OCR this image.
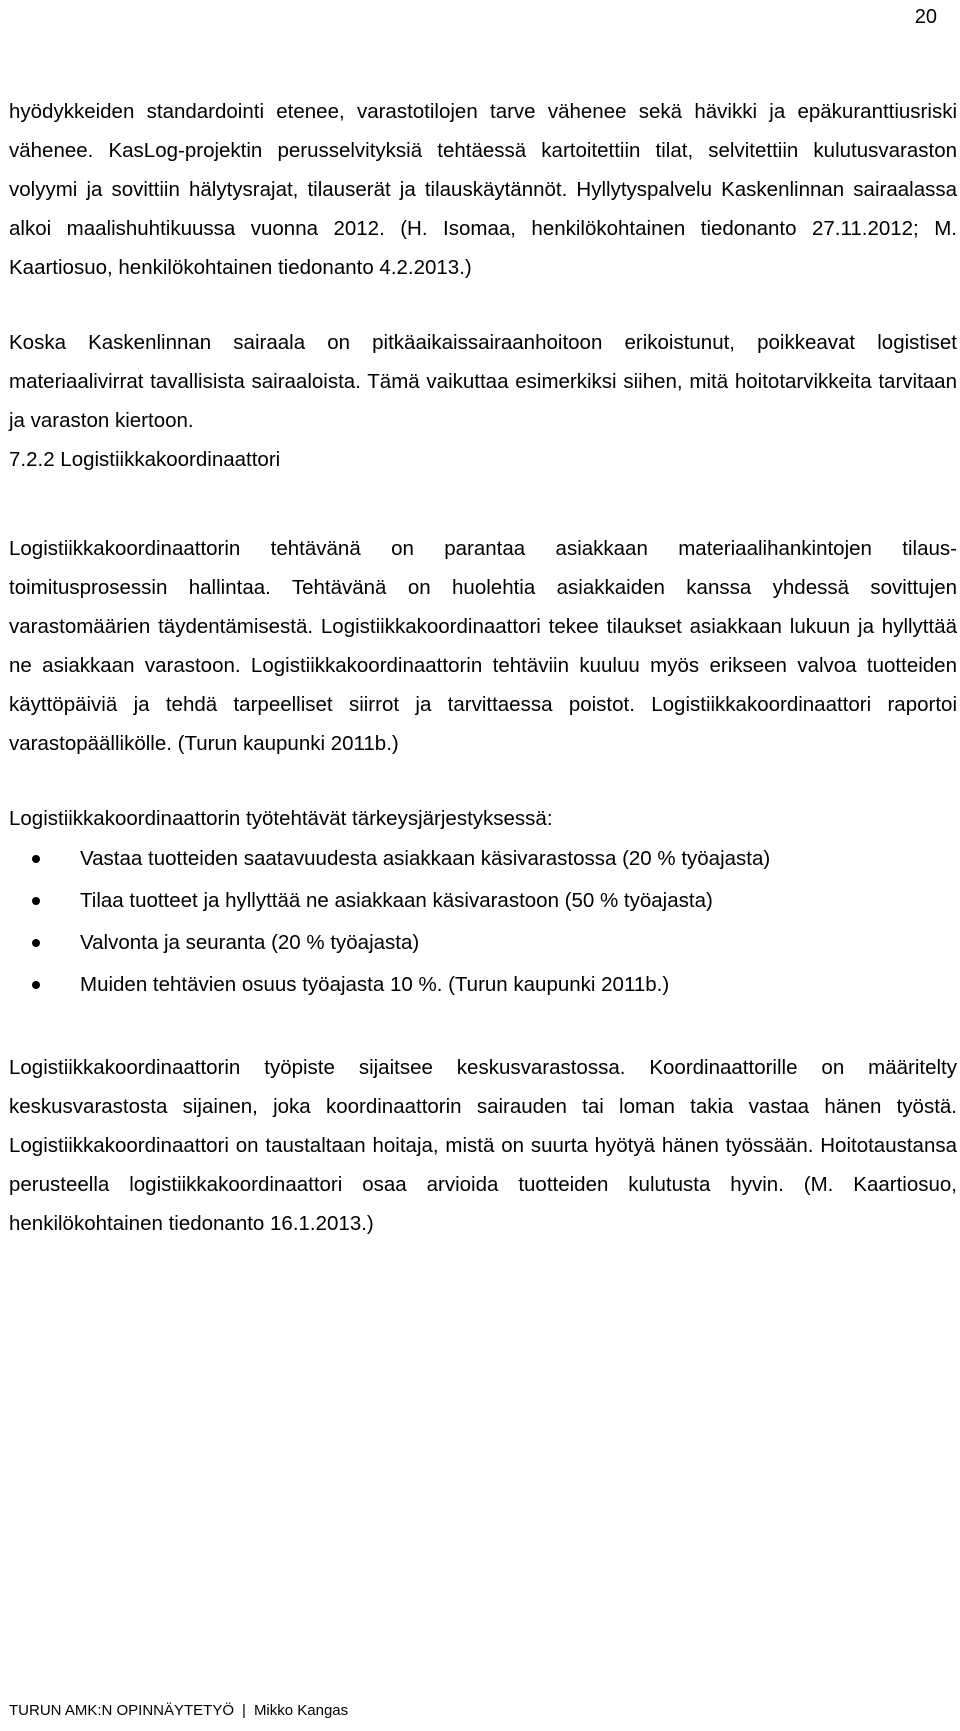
20

hyödykkeiden standardointi etenee, varastotilojen tarve vähenee sekä hävikki ja epäkuranttiusriski vähenee. KasLog-projektin perusselvityksiä tehtäessä kartoitettiin tilat, selvitettiin kulutusvaraston volyymi ja sovittiin hälytysrajat, tilauserät ja tilauskäytännöt. Hyllytyspalvelu Kaskenlinnan sairaalassa alkoi maalishuhtikuussa vuonna 2012. (H. Isomaa, henkilökohtainen tiedonanto 27.11.2012; M. Kaartiosuo, henkilökohtainen tiedonanto 4.2.2013.)

Koska Kaskenlinnan sairaala on pitkäaikaissairaanhoitoon erikoistunut, poikkeavat logistiset materiaalivirrat tavallisista sairaaloista. Tämä vaikuttaa esimerkiksi siihen, mitä hoitotarvikkeita tarvitaan ja varaston kiertoon.

7.2.2 Logistiikkakoordinaattori

Logistiikkakoordinaattorin tehtävänä on parantaa asiakkaan materiaalihankintojen tilaus-toimitusprosessin hallintaa. Tehtävänä on huolehtia asiakkaiden kanssa yhdessä sovittujen varastomäärien täydentämisestä. Logistiikkakoordinaattori tekee tilaukset asiakkaan lukuun ja hyllyttää ne asiakkaan varastoon. Logistiikkakoordinaattorin tehtäviin kuuluu myös erikseen valvoa tuotteiden käyttöpäiviä ja tehdä tarpeelliset siirrot ja tarvittaessa poistot. Logistiikkakoordinaattori raportoi varastopäällikölle. (Turun kaupunki 2011b.)

Logistiikkakoordinaattorin työtehtävät tärkeysjärjestyksessä:

Vastaa tuotteiden saatavuudesta asiakkaan käsivarastossa (20 % työajasta)
Tilaa tuotteet ja hyllyttää ne asiakkaan käsivarastoon (50 % työajasta)
Valvonta ja seuranta (20 % työajasta)
Muiden tehtävien osuus työajasta 10 %. (Turun kaupunki 2011b.)

Logistiikkakoordinaattorin työpiste sijaitsee keskusvarastossa. Koordinaattorille on määritelty keskusvarastosta sijainen, joka koordinaattorin sairauden tai loman takia vastaa hänen työstä. Logistiikkakoordinaattori on taustaltaan hoitaja, mistä on suurta hyötyä hänen työssään. Hoitotaustansa perusteella logistiikkakoordinaattori osaa arvioida tuotteiden kulutusta hyvin. (M. Kaartiosuo, henkilökohtainen tiedonanto 16.1.2013.)

TURUN AMK:N OPINNÄYTETYÖ | Mikko Kangas
